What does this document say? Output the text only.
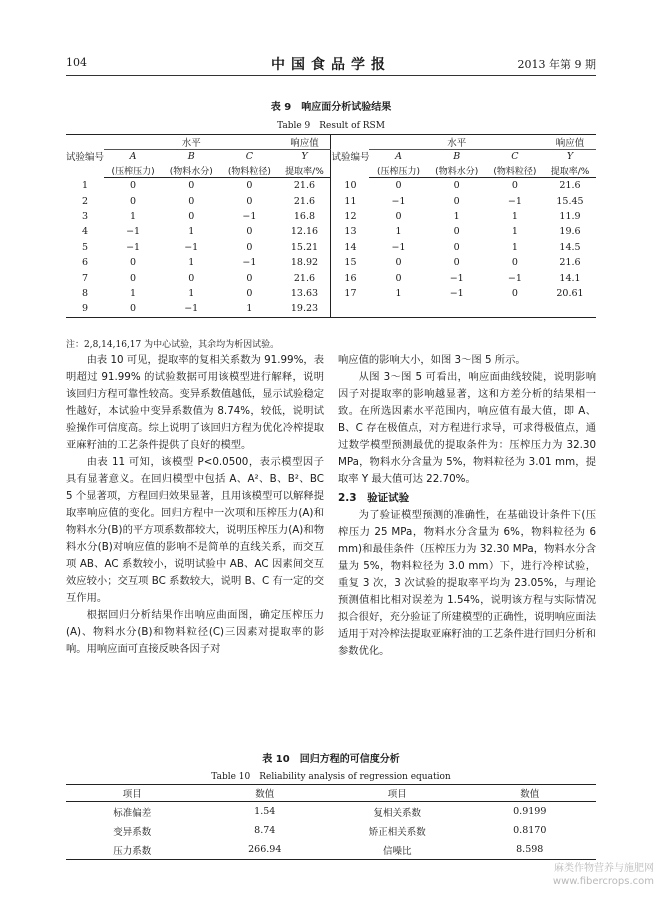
104	中国食品学报	2013 年第 9 期
表 9　响应面分析试验结果
Table 9　Result of RSM
试验编号	水平			响应值	试验编号	水平			响应值
	A	B	C	Y		A	B	C	Y
	(压榨压力)	(物料水分)	(物料粒径)	提取率/%		(压榨压力)	(物料水分)	(物料粒径)	提取率/%
1	0	0	0	21.6	10	0	0	0	21.6
2	0	0	0	21.6	11	−1	0	−1	15.45
3	1	0	−1	16.8	12	0	1	1	11.9
4	−1	1	0	12.16	13	1	0	1	19.6
5	−1	−1	0	15.21	14	−1	0	1	14.5
6	0	1	−1	18.92	15	0	0	0	21.6
7	0	0	0	21.6	16	0	−1	−1	14.1
8	1	1	0	13.63	17	1	−1	0	20.61
9	0	−1	1	19.23					
注：2,8,14,16,17 为中心试验，其余均为析因试验。

由表 10 可见，提取率的复相关系数为 91.99%，表明超过 91.99% 的试验数据可用该模型进行解释，说明该回归方程可靠性较高。变异系数值越低，显示试验稳定性越好，本试验中变异系数值为 8.74%，较低，说明试验操作可信度高。综上说明了该回归方程为优化冷榨提取亚麻籽油的工艺条件提供了良好的模型。

由表 11 可知，该模型 P<0.0500，表示模型因子具有显著意义。在回归模型中包括 A、A²、B、B²、BC 5 个显著项，方程回归效果显著，且用该模型可以解释提取率响应值的变化。回归方程中一次项和压榨压力(A)和物料水分(B)的平方项系数都较大，说明压榨压力(A)和物料水分(B)对响应值的影响不是简单的直线关系，而交互项 AB、AC 系数较小，说明试验中 AB、AC 因素间交互效应较小；交互项 BC 系数较大，说明 B、C 有一定的交互作用。

根据回归分析结果作出响应曲面图，确定压榨压力(A)、物料水分(B)和物料粒径(C)三因素对提取率的影响。用响应面可直接反映各因子对

响应值的影响大小，如图 3～图 5 所示。

从图 3～图 5 可看出，响应面曲线较陡，说明影响因子对提取率的影响越显著，这和方差分析的结果相一致。在所选因素水平范围内，响应值有最大值，即 A、B、C 存在极值点，对方程进行求导，可求得极值点，通过数学模型预测最优的提取条件为：压榨压力为 32.30 MPa，物料水分含量为 5%，物料粒径为 3.01 mm，提取率 Y 最大值可达 22.70%。

2.3　验证试验

为了验证模型预测的准确性，在基础设计条件下(压榨压力 25 MPa，物料水分含量为 6%，物料粒径为 6 mm)和最佳条件（压榨压力为 32.30 MPa，物料水分含量为 5%，物料粒径为 3.0 mm）下，进行冷榨试验，重复 3 次，3 次试验的提取率平均为 23.05%，与理论预测值相比相对误差为 1.54%，说明该方程与实际情况拟合很好，充分验证了所建模型的正确性，说明响应面法适用于对冷榨法提取亚麻籽油的工艺条件进行回归分析和参数优化。

表 10　回归方程的可信度分析
Table 10　Reliability analysis of regression equation
项目	数值	项目	数值
标准偏差	1.54	复相关系数	0.9199
变异系数	8.74	矫正相关系数	0.8170
压力系数	266.94	信噪比	8.598
麻类作物营养与施肥网
www.fibercrops.com
